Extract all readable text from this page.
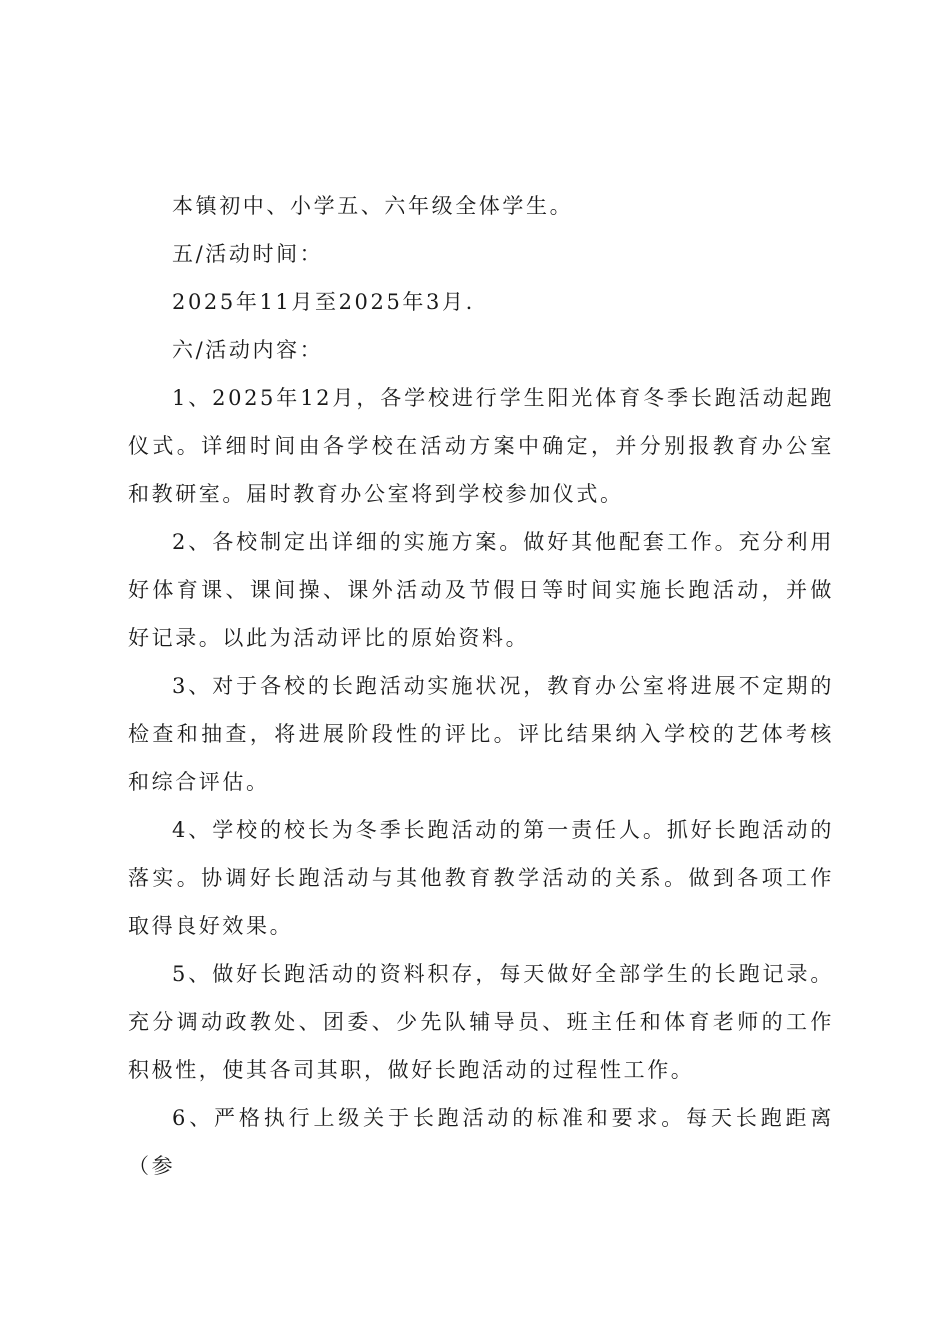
本镇初中、小学五、六年级全体学生。

五/活动时间：

2025年11月至2025年3月.

六/活动内容：

1、2025年12月，各学校进行学生阳光体育冬季长跑活动起跑仪式。详细时间由各学校在活动方案中确定，并分别报教育办公室和教研室。届时教育办公室将到学校参加仪式。

2、各校制定出详细的实施方案。做好其他配套工作。充分利用好体育课、课间操、课外活动及节假日等时间实施长跑活动，并做好记录。以此为活动评比的原始资料。

3、对于各校的长跑活动实施状况，教育办公室将进展不定期的检查和抽查，将进展阶段性的评比。评比结果纳入学校的艺体考核和综合评估。

4、学校的校长为冬季长跑活动的第一责任人。抓好长跑活动的落实。协调好长跑活动与其他教育教学活动的关系。做到各项工作取得良好效果。

5、做好长跑活动的资料积存，每天做好全部学生的长跑记录。充分调动政教处、团委、少先队辅导员、班主任和体育老师的工作积极性，使其各司其职，做好长跑活动的过程性工作。

6、严格执行上级关于长跑活动的标准和要求。每天长跑距离（参
